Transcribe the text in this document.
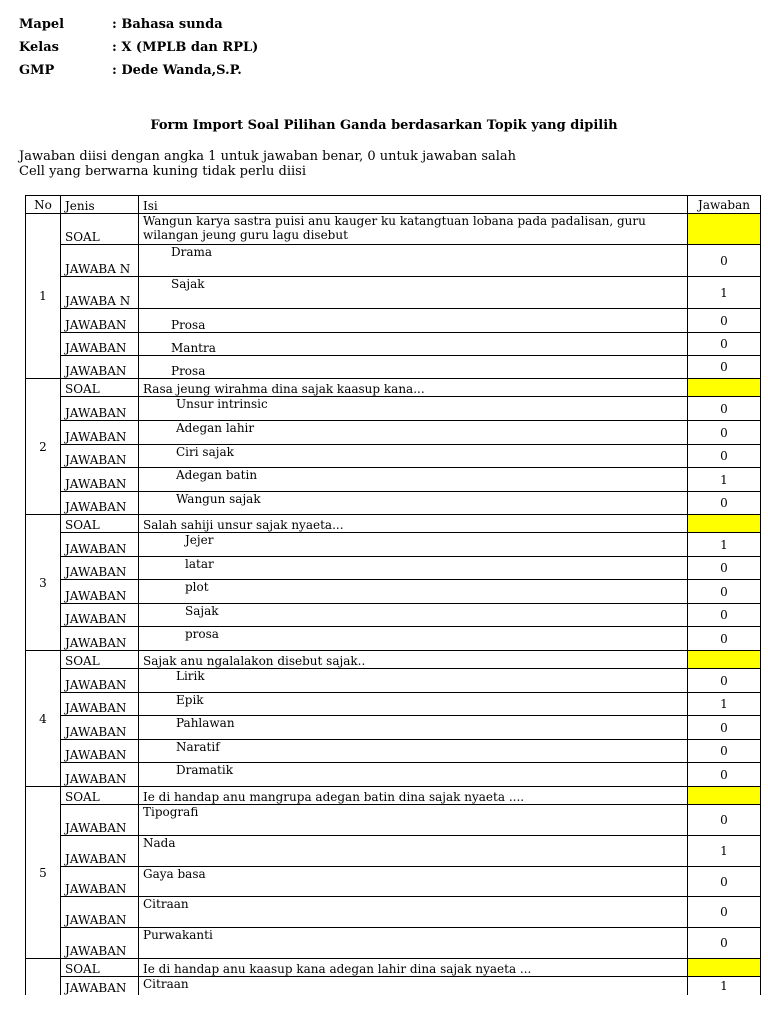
Mapel	: Bahasa sunda
Kelas	: X (MPLB dan RPL)
GMP	: Dede Wanda,S.P.
Form Import Soal Pilihan Ganda berdasarkan Topik yang dipilih
Jawaban diisi dengan angka 1 untuk jawaban benar, 0 untuk jawaban salah
Cell yang berwarna kuning tidak perlu diisi
No	Jenis	Isi	Jawaban
1	SOAL	Wangun karya sastra puisi anu kauger ku katangtuan lobana pada padalisan, guru wilangan jeung guru lagu disebut	
	JAWABA N	Drama	0
	JAWABA N	Sajak	1
	JAWABAN	Prosa	0
	JAWABAN	Mantra	0
	JAWABAN	Prosa	0
2	SOAL	Rasa jeung wirahma dina sajak kaasup kana...	
	JAWABAN	Unsur intrinsic	0
	JAWABAN	Adegan lahir	0
	JAWABAN	Ciri sajak	0
	JAWABAN	Adegan batin	1
	JAWABAN	Wangun sajak	0
3	SOAL	Salah sahiji unsur sajak nyaeta...	
	JAWABAN	Jejer	1
	JAWABAN	latar	0
	JAWABAN	plot	0
	JAWABAN	Sajak	0
	JAWABAN	prosa	0
4	SOAL	Sajak anu ngalalakon disebut sajak..	
	JAWABAN	Lirik	0
	JAWABAN	Epik	1
	JAWABAN	Pahlawan	0
	JAWABAN	Naratif	0
	JAWABAN	Dramatik	0
5	SOAL	Ie di handap anu mangrupa adegan batin dina sajak nyaeta ....	
	JAWABAN	Tipografi	0
	JAWABAN	Nada	1
	JAWABAN	Gaya basa	0
	JAWABAN	Citraan	0
	JAWABAN	Purwakanti	0
	SOAL	Ie di handap anu kaasup kana adegan lahir dina sajak nyaeta ...	
	JAWABAN	Citraan	1
